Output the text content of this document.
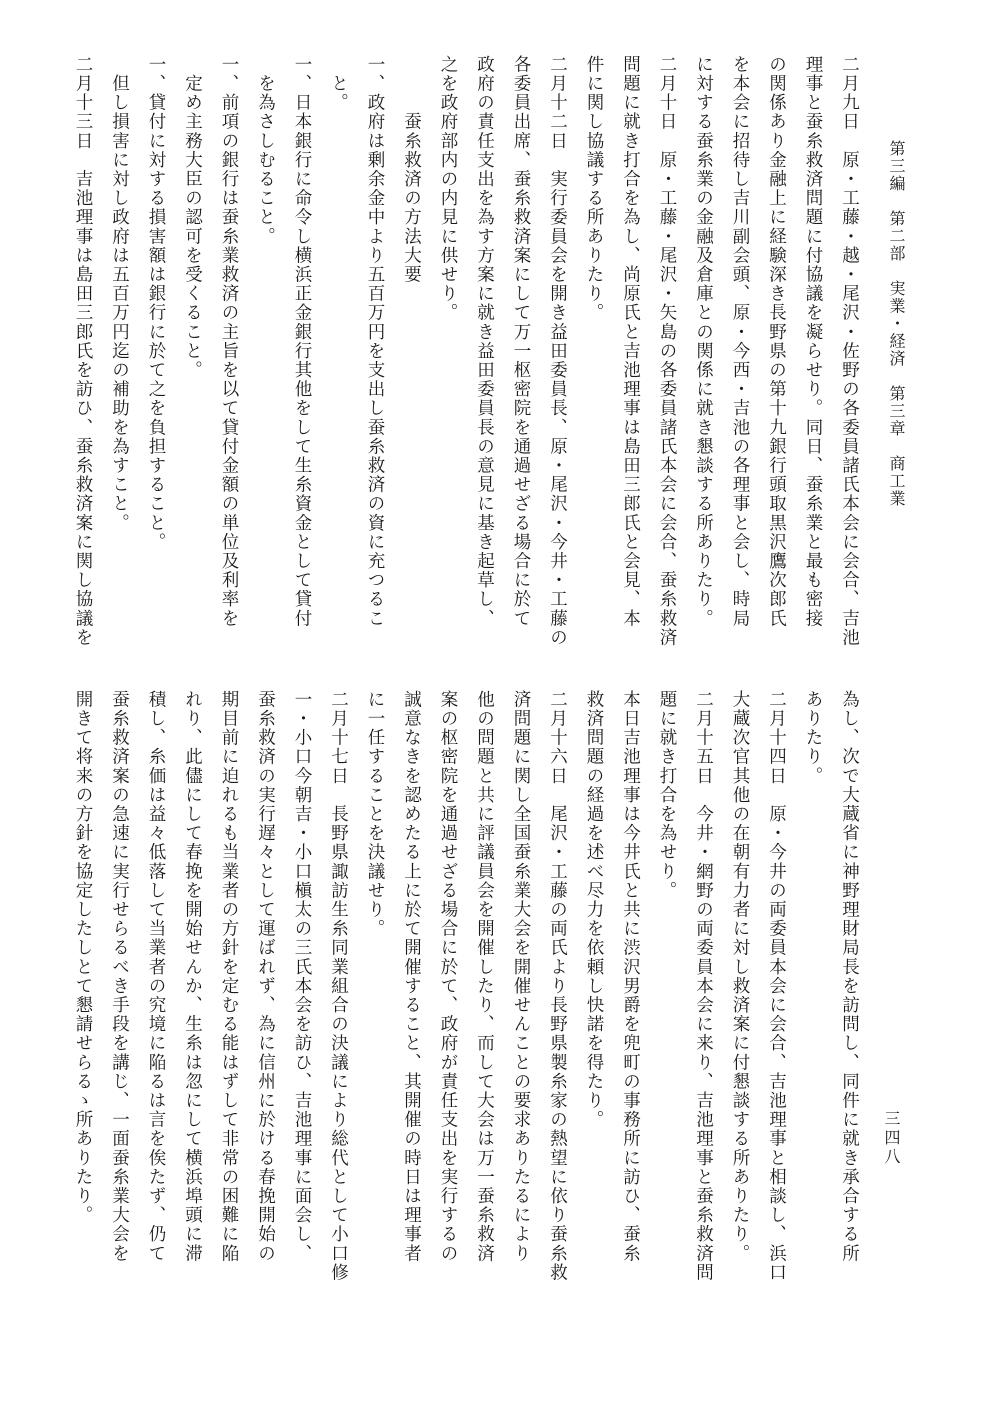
第三編　第二部　実業・経済　第三章　商工業
三四八
二月九日　原・工藤・越・尾沢・佐野の各委員諸氏本会に会合、吉池
理事と蚕糸救済問題に付協議を凝らせり。同日、蚕糸業と最も密接
の関係あり金融上に経験深き長野県の第十九銀行頭取黒沢鷹次郎氏
を本会に招待し吉川副会頭、原・今西・吉池の各理事と会し、時局
に対する蚕糸業の金融及倉庫との関係に就き懇談する所ありたり。
二月十日　原・工藤・尾沢・矢島の各委員諸氏本会に会合、蚕糸救済
問題に就き打合を為し、尚原氏と吉池理事は島田三郎氏と会見、本
件に関し協議する所ありたり。
二月十二日　実行委員会を開き益田委員長、原・尾沢・今井・工藤の
各委員出席、蚕糸救済案にして万一枢密院を通過せざる場合に於て
政府の責任支出を為す方案に就き益田委員長の意見に基き起草し、
之を政府部内の内見に供せり。
　　　蚕糸救済の方法大要
一、政府は剰余金中より五百万円を支出し蚕糸救済の資に充つるこ
　と。
一、日本銀行に命令し横浜正金銀行其他をして生糸資金として貸付
　を為さしむること。
一、前項の銀行は蚕糸業救済の主旨を以て貸付金額の単位及利率を
　定め主務大臣の認可を受くること。
一、貸付に対する損害額は銀行に於て之を負担すること。
　但し損害に対し政府は五百万円迄の補助を為すこと。
二月十三日　吉池理事は島田三郎氏を訪ひ、蚕糸救済案に関し協議を
為し、次で大蔵省に神野理財局長を訪問し、同件に就き承合する所
ありたり。
二月十四日　原・今井の両委員本会に会合、吉池理事と相談し、浜口
大蔵次官其他の在朝有力者に対し救済案に付懇談する所ありたり。
二月十五日　今井・網野の両委員本会に来り、吉池理事と蚕糸救済問
題に就き打合を為せり。
本日吉池理事は今井氏と共に渋沢男爵を兜町の事務所に訪ひ、蚕糸
救済問題の経過を述べ尽力を依頼し快諾を得たり。
二月十六日　尾沢・工藤の両氏より長野県製糸家の熱望に依り蚕糸救
済問題に関し全国蚕糸業大会を開催せんことの要求ありたるにより
他の問題と共に評議員会を開催したり、而して大会は万一蚕糸救済
案の枢密院を通過せざる場合に於て、政府が責任支出を実行するの
誠意なきを認めたる上に於て開催すること、其開催の時日は理事者
に一任することを決議せり。
二月十七日　長野県諏訪生糸同業組合の決議により総代として小口修
一・小口今朝吉・小口槇太の三氏本会を訪ひ、吉池理事に面会し、
蚕糸救済の実行遅々として運ばれず、為に信州に於ける春挽開始の
期目前に迫れるも当業者の方針を定むる能はずして非常の困難に陥
れり、此儘にして春挽を開始せんか、生糸は忽にして横浜埠頭に滞
積し、糸価は益々低落して当業者の究境に陥るは言を俟たず、仍て
蚕糸救済案の急速に実行せらるべき手段を講じ、一面蚕糸業大会を
開きて将来の方針を協定したしとて懇請せらるゝ所ありたり。
